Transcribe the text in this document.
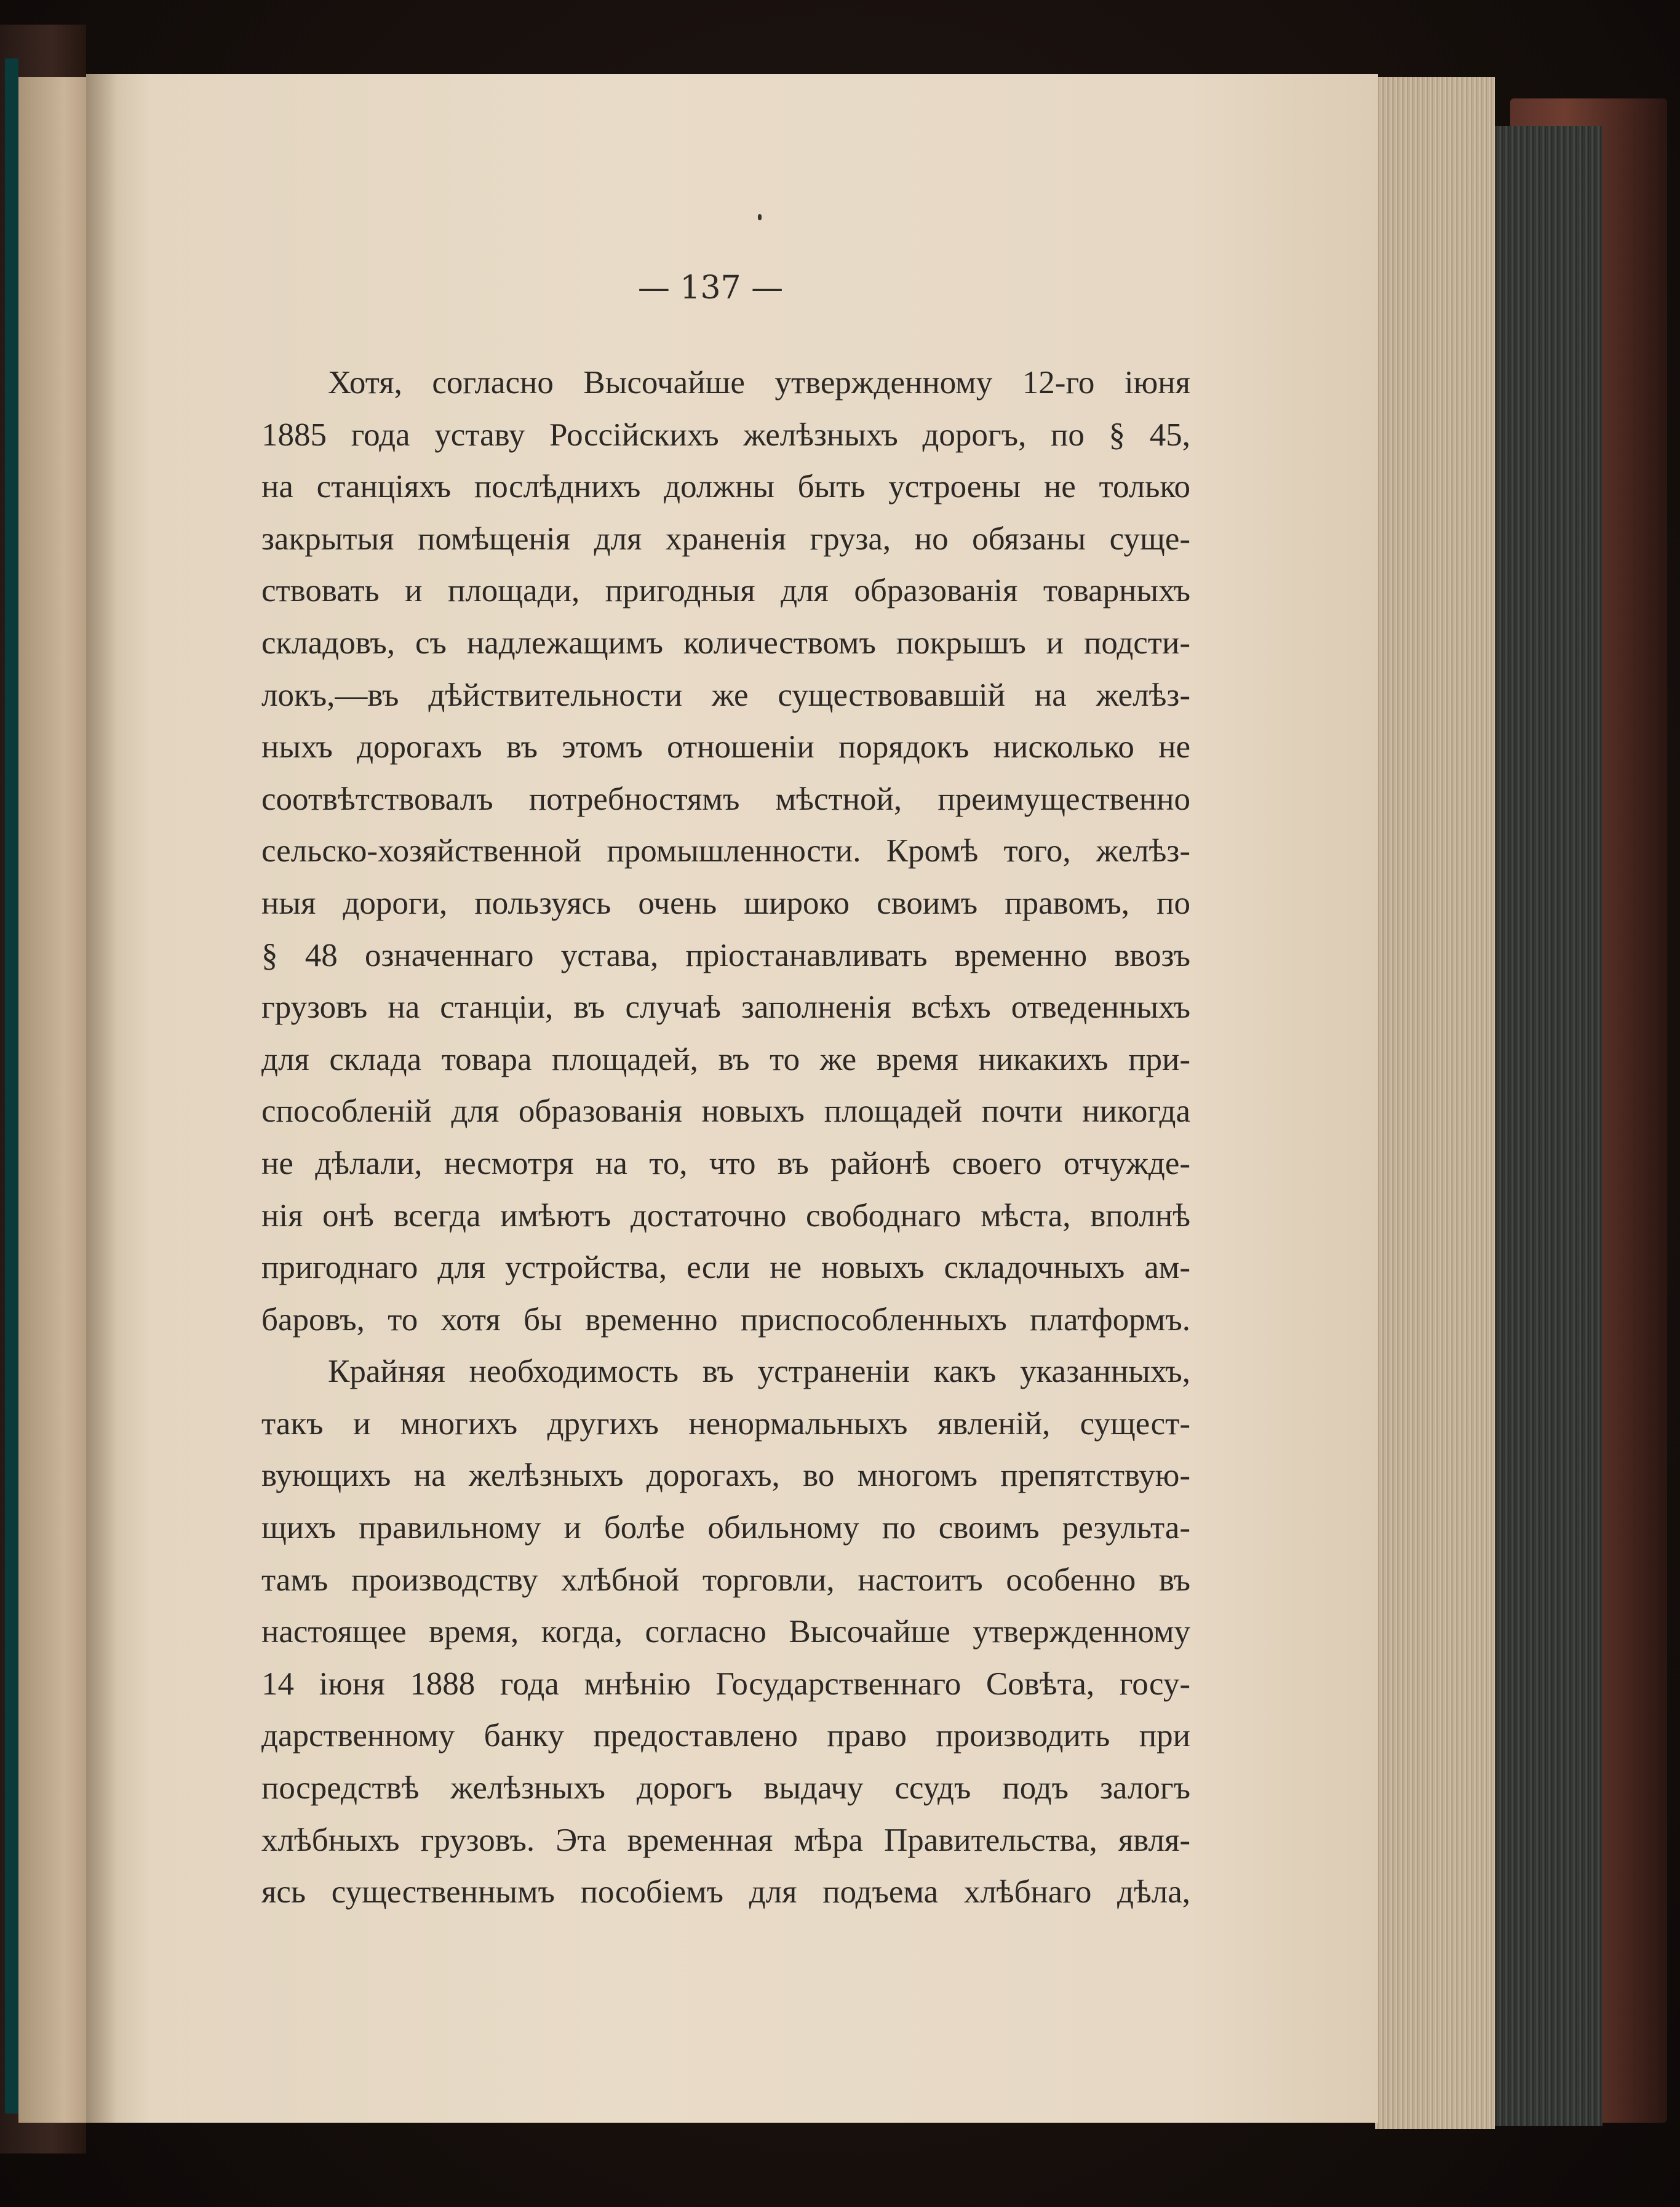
— 137 —
Хотя, согласно Высочайше утвержденному 12-го іюня
1885 года уставу Россійскихъ желѣзныхъ дорогъ, по § 45,
на станціяхъ послѣднихъ должны быть устроены не только
закрытыя помѣщенія для храненія груза, но обязаны суще-
ствовать и площади, пригодныя для образованія товарныхъ
складовъ, съ надлежащимъ количествомъ покрышъ и подсти-
локъ,—въ дѣйствительности же существовавшій на желѣз-
ныхъ дорогахъ въ этомъ отношеніи порядокъ нисколько не
соотвѣтствовалъ потребностямъ мѣстной, преимущественно
сельско-хозяйственной промышленности. Кромѣ того, желѣз-
ныя дороги, пользуясь очень широко своимъ правомъ, по
§ 48 означеннаго устава, пріостанавливать временно ввозъ
грузовъ на станціи, въ случаѣ заполненія всѣхъ отведенныхъ
для склада товара площадей, въ то же время никакихъ при-
способленій для образованія новыхъ площадей почти никогда
не дѣлали, несмотря на то, что въ районѣ своего отчужде-
нія онѣ всегда имѣютъ достаточно свободнаго мѣста, вполнѣ
пригоднаго для устройства, если не новыхъ складочныхъ ам-
баровъ, то хотя бы временно приспособленныхъ платформъ.
Крайняя необходимость въ устраненіи какъ указанныхъ,
такъ и многихъ другихъ ненормальныхъ явленій, сущест-
вующихъ на желѣзныхъ дорогахъ, во многомъ препятствую-
щихъ правильному и болѣе обильному по своимъ результа-
тамъ производству хлѣбной торговли, настоитъ особенно въ
настоящее время, когда, согласно Высочайше утвержденному
14 іюня 1888 года мнѣнію Государственнаго Совѣта, госу-
дарственному банку предоставлено право производить при
посредствѣ желѣзныхъ дорогъ выдачу ссудъ подъ залогъ
хлѣбныхъ грузовъ. Эта временная мѣра Правительства, явля-
ясь существеннымъ пособіемъ для подъема хлѣбнаго дѣла,
